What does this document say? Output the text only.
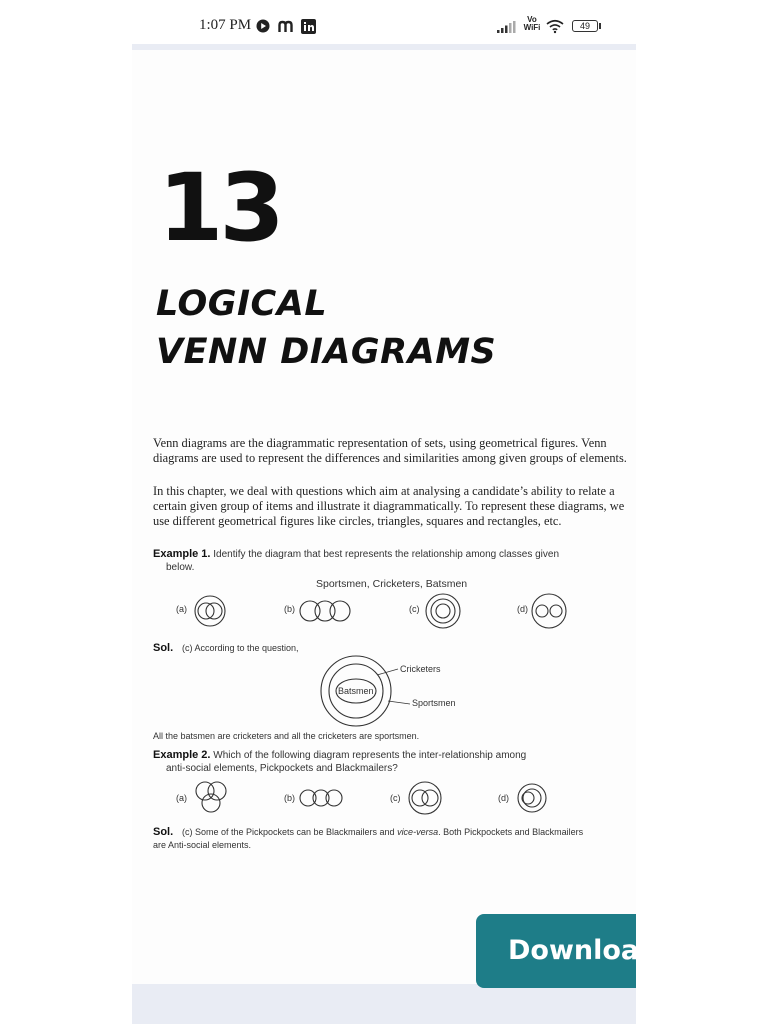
1:07 PM	Vo
WiFi	49
13
LOGICAL
VENN DIAGRAMS

Venn diagrams are the diagrammatic representation of sets, using geometrical figures. Venn diagrams are used to represent the differences and similarities among given groups of elements.

In this chapter, we deal with questions which aim at analysing a candidate’s ability to relate a certain given group of items and illustrate it diagrammatically. To represent these diagrams, we use different geometrical figures like circles, triangles, squares and rectangles, etc.

Example 1. Identify the diagram that best represents the relationship among classes given
below.
Sportsmen, Cricketers, Batsmen
(a)	(b)	(c)	(d)
Sol. (c) According to the question,
Batsmen
Cricketers
Sportsmen
All the batsmen are cricketers and all the cricketers are sportsmen.
Example 2. Which of the following diagram represents the inter-relationship among
anti-social elements, Pickpockets and Blackmailers?
(a)	(b)	(c)	(d)
Sol. (c) Some of the Pickpockets can be Blackmailers and vice-versa. Both Pickpockets and Blackmailers
are Anti-social elements.
Download
